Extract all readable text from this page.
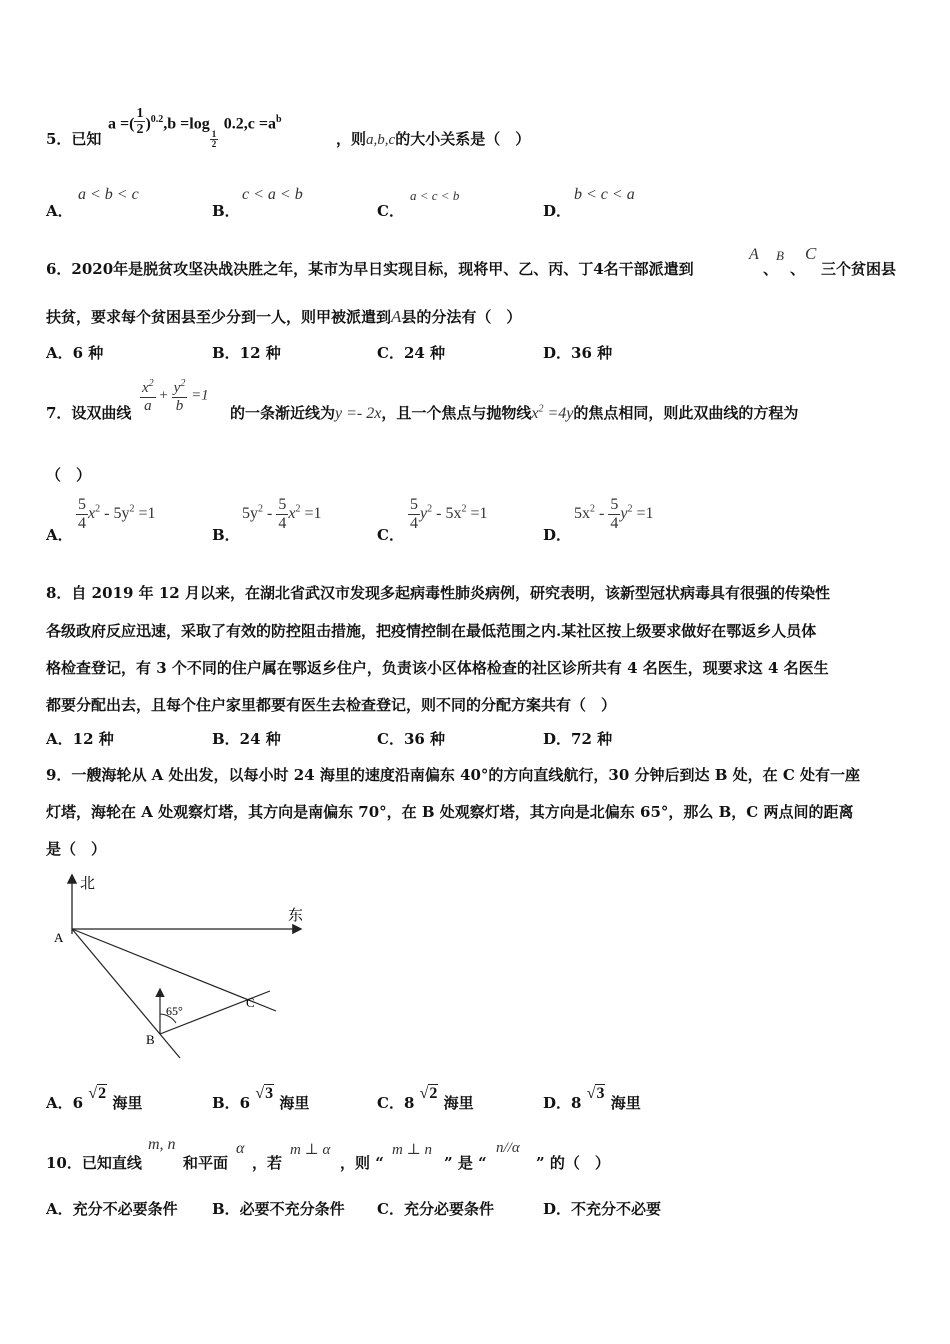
5．已知
a =( $\frac{1}{2} )^{0.2},b =\log$
$\frac{1}{2}$
$0.2,c =a^b$
，则a,b,c的大小关系是（　）
A．
a < b < c
B．
c < a < b
C．
a < c < b
D．
b < c < a
6．2020年是脱贫攻坚决战决胜之年，某市为早日实现目标，现将甲、乙、丙、丁4名干部派遣到
A
、
B
、
C
三个贫困县
扶贫，要求每个贫困县至少分到一人，则甲被派遣到A县的分法有（　）
A．6 种	B．12 种	C．24 种	D．36 种
7．设双曲线 $\frac{x^2}{a} + \frac{y^2}{b} =1$
的一条渐近线为y =- 2x，且一个焦点与抛物线$x^2 =4y$的焦点相同，则此双曲线的方程为
（　）
A．
$\frac{5}{4} x^2 - 5y^2 =1$
B．
$5y^2 - \frac{5}{4} x^2 =1$
C．
$\frac{5}{4} y^2 - 5x^2 =1$
D．
$5x^2 - \frac{5}{4} y^2 =1$
8．自 2019 年 12 月以来，在湖北省武汉市发现多起病毒性肺炎病例，研究表明，该新型冠状病毒具有很强的传染性
各级政府反应迅速，采取了有效的防控阻击措施，把疫情控制在最低范围之内.某社区按上级要求做好在鄂返乡人员体
格检查登记，有 3 个不同的住户属在鄂返乡住户，负责该小区体格检查的社区诊所共有 4 名医生，现要求这 4 名医生
都要分配出去，且每个住户家里都要有医生去检查登记，则不同的分配方案共有（　）
A．12 种	B．24 种	C．36 种	D．72 种
9．一艘海轮从 A 处出发，以每小时 24 海里的速度沿南偏东 40°的方向直线航行，30 分钟后到达 B 处，在 C 处有一座
灯塔，海轮在 A 处观察灯塔，其方向是南偏东 70°，在 B 处观察灯塔，其方向是北偏东 65°，那么 B，C 两点间的距离
是（　）
北
东
A
B
C
65°
A．6 √2 海里	B．6 √3 海里	C．8 √2 海里	D．8 √3 海里
10．已知直线
m, n
和平面
α
，若
m ⊥ α
，则 “
m ⊥ n
” 是 “
n//α
” 的（　）
A．充分不必要条件 B．必要不充分条件 C．充分必要条件	D．不充分不必要
